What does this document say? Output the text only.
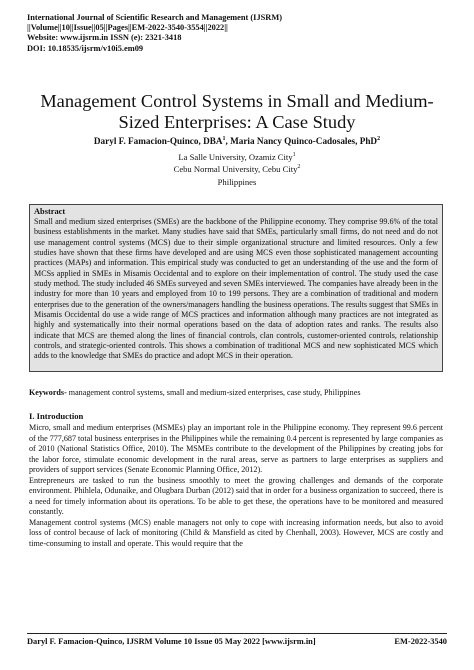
International Journal of Scientific Research and Management (IJSRM)
||Volume||10||Issue||05||Pages||EM-2022-3540-3554||2022||
Website: www.ijsrm.in ISSN (e): 2321-3418
DOI: 10.18535/ijsrm/v10i5.em09
Management Control Systems in Small and Medium-Sized Enterprises: A Case Study
Daryl F. Famacion-Quinco, DBA$^1$, Maria Nancy Quinco-Cadosales, PhD$^2$
La Salle University, Ozamiz City$^1$
Cebu Normal University, Cebu City$^2$
Philippines
Abstract
Small and medium sized enterprises (SMEs) are the backbone of the Philippine economy. They comprise 99.6% of the total business establishments in the market. Many studies have said that SMEs, particularly small firms, do not need and do not use management control systems (MCS) due to their simple organizational structure and limited resources. Only a few studies have shown that these firms have developed and are using MCS even those sophisticated management accounting practices (MAPs) and information. This empirical study was conducted to get an understanding of the use and the form of MCSs applied in SMEs in Misamis Occidental and to explore on their implementation of control. The study used the case study method. The study included 46 SMEs surveyed and seven SMEs interviewed. The companies have already been in the industry for more than 10 years and employed from 10 to 199 persons. They are a combination of traditional and modern enterprises due to the generation of the owners/managers handling the business operations. The results suggest that SMEs in Misamis Occidental do use a wide range of MCS practices and information although many practices are not integrated as highly and systematically into their normal operations based on the data of adoption rates and ranks. The results also indicate that MCS are themed along the lines of financial controls, clan controls, customer-oriented controls, relationship controls, and strategic-oriented controls. This shows a combination of traditional MCS and new sophisticated MCS which adds to the knowledge that SMEs do practice and adopt MCS in their operation.
Keywords- management control systems, small and medium-sized enterprises, case study, Philippines
I. Introduction

Micro, small and medium enterprises (MSMEs) play an important role in the Philippine economy. They represent 99.6 percent of the 777,687 total business enterprises in the Philippines while the remaining 0.4 percent is represented by large companies as of 2010 (National Statistics Office, 2010). The MSMEs contribute to the development of the Philippines by creating jobs for the labor force, stimulate economic development in the rural areas, serve as partners to large enterprises as suppliers and providers of support services (Senate Economic Planning Office, 2012).

Entrepreneurs are tasked to run the business smoothly to meet the growing challenges and demands of the corporate environment. Phihlela, Odunaike, and Olugbara Durban (2012) said that in order for a business organization to succeed, there is a need for timely information about its operations. To be able to get these, the operations have to be monitored and measured constantly.

Management control systems (MCS) enable managers not only to cope with increasing information needs, but also to avoid loss of control because of lack of monitoring (Child & Mansfield as cited by Chenhall, 2003). However, MCS are costly and time-consuming to install and operate. This would require that the

Daryl F. Famacion-Quinco, IJSRM Volume 10 Issue 05 May 2022 [www.ijsrm.in]	EM-2022-3540
